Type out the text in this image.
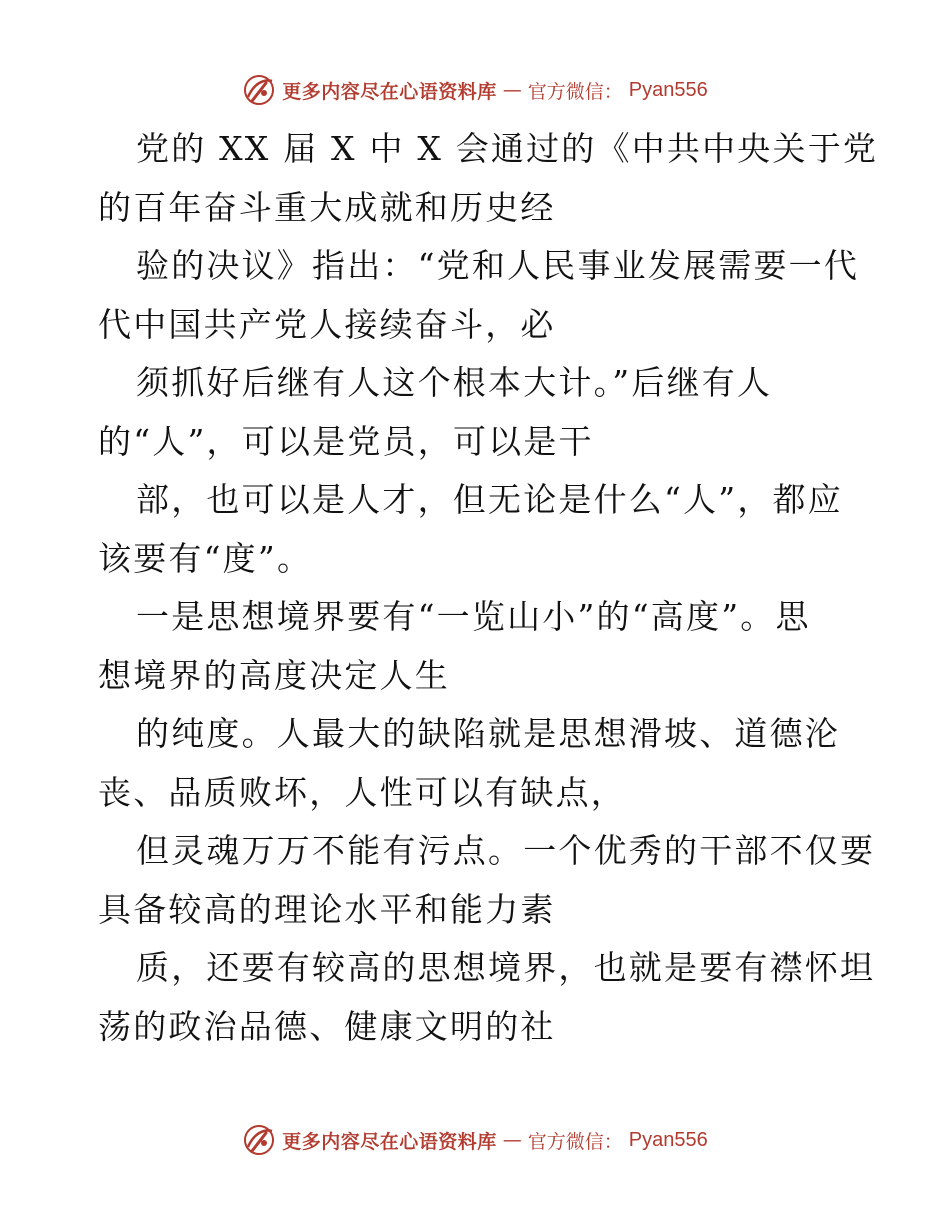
更多内容尽在心语资料库 — 官方微信： Pyan556
党的 XX 届 X 中 X 会通过的《中共中央关于党
的百年奋斗重大成就和历史经
验的决议》指出：“党和人民事业发展需要一代
代中国共产党人接续奋斗，必
须抓好后继有人这个根本大计。”后继有人
的“人”，可以是党员，可以是干
部，也可以是人才，但无论是什么“人”，都应
该要有“度”。
一是思想境界要有“一览山小”的“高度”。思
想境界的高度决定人生
的纯度。人最大的缺陷就是思想滑坡、道德沦
丧、品质败坏，人性可以有缺点，
但灵魂万万不能有污点。一个优秀的干部不仅要
具备较高的理论水平和能力素
质，还要有较高的思想境界，也就是要有襟怀坦
荡的政治品德、健康文明的社
更多内容尽在心语资料库 — 官方微信： Pyan556
